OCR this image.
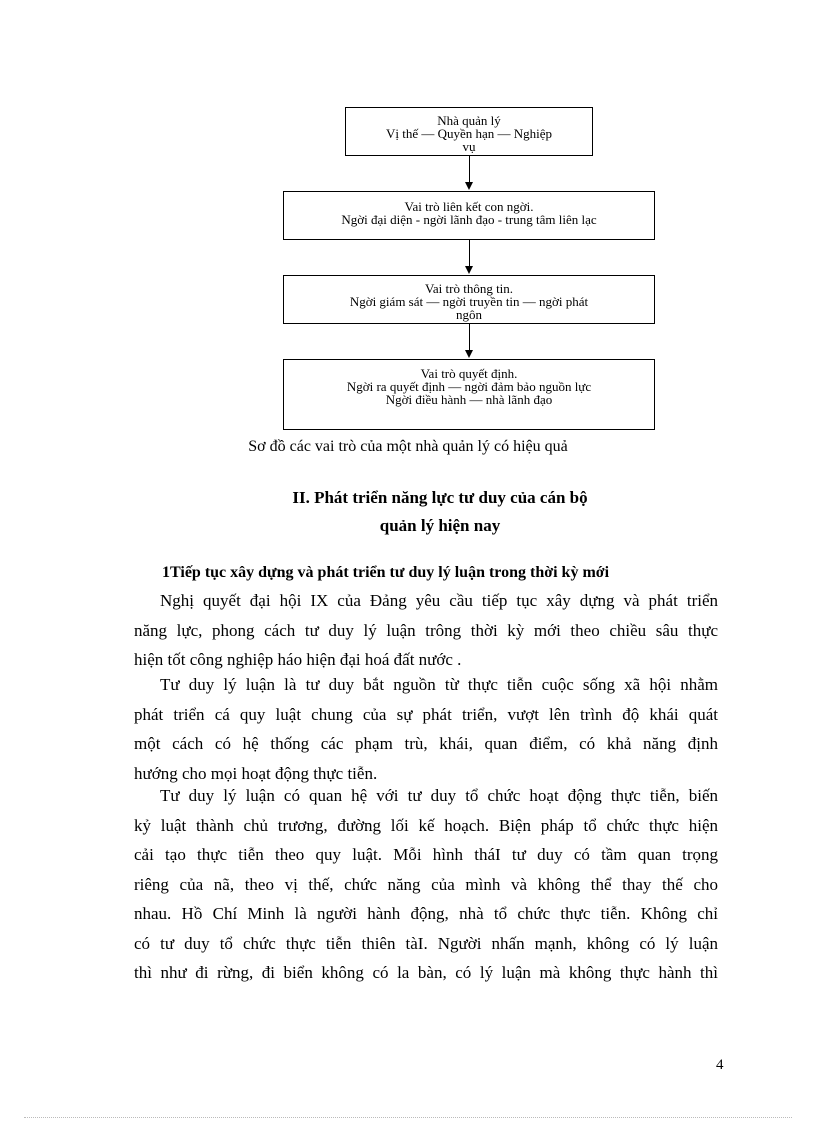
Nhà quản lý
Vị thế — Quyền hạn — Nghiệp
vụ
Vai trò liên kết con ngời.
Ngời đại diện - ngời lãnh đạo - trung tâm liên lạc
Vai trò thông tin.
Ngời giám sát — ngời truyền tin — ngời phát
ngôn
Vai trò quyết định.
Ngời ra quyết định — ngời đảm bảo nguồn lực
Ngời điều hành — nhà lãnh đạo
Sơ đồ các vai trò của một nhà quản lý có hiệu quả
II. Phát triển năng lực tư duy của cán bộ
quản lý hiện nay
1Tiếp tục xây dựng và phát triển tư duy lý luận trong thời kỳ mới
Nghị quyết đại hội IX của Đảng yêu cầu tiếp tục xây dựng và phát triển
năng lực, phong cách tư duy lý luận trông thời kỳ mới theo chiều sâu thực
hiện tốt công nghiệp háo hiện đại hoá đất nước .
Tư duy lý luận là tư duy bắt nguồn từ thực tiễn cuộc sống xã hội nhằm
phát triển cá quy luật chung của sự phát triển, vượt lên trình độ khái quát
một cách có hệ thống các phạm trù, khái, quan điểm, có khả năng định
hướng cho mọi hoạt động thực tiễn.
Tư duy lý luận có quan hệ với tư duy tổ chức hoạt động thực tiễn, biến
kỷ luật thành chủ trương, đường lối kế hoạch. Biện pháp tổ chức thực hiện
cải tạo thực tiễn theo quy luật. Mỗi hình tháI tư duy có tầm quan trọng
riêng của nã, theo vị thế, chức năng của mình và không thể thay thế cho
nhau. Hồ Chí Minh là người hành động, nhà tổ chức thực tiễn. Không chỉ
có tư duy tổ chức thực tiễn thiên tàI. Người nhấn mạnh, không có lý luận
thì như đi rừng, đi biển không có la bàn, có lý luận mà không thực hành thì
4
